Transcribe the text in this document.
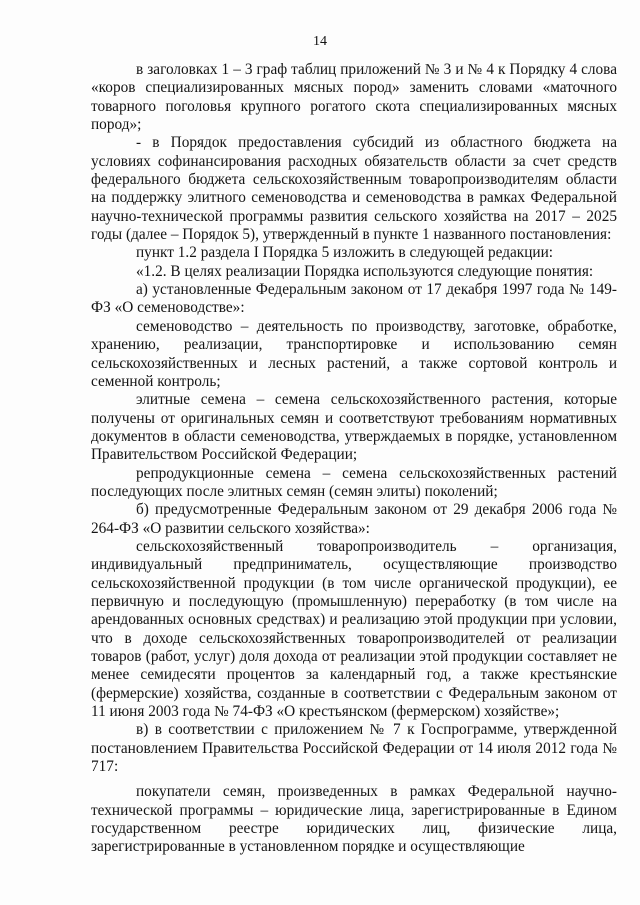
14

в заголовках 1 – 3 граф таблиц приложений № 3 и № 4 к Порядку 4 слова «коров специализированных мясных пород» заменить словами «маточного товарного поголовья крупного рогатого скота специализированных мясных пород»;

- в Порядок предоставления субсидий из областного бюджета на условиях софинансирования расходных обязательств области за счет средств федерального бюджета сельскохозяйственным товаропроизводителям области на поддержку элитного семеноводства и семеноводства в рамках Федеральной научно-технической программы развития сельского хозяйства на 2017 – 2025 годы (далее – Порядок 5), утвержденный в пункте 1 названного постановления:

пункт 1.2 раздела I Порядка 5 изложить в следующей редакции:

«1.2. В целях реализации Порядка используются следующие понятия:

а) установленные Федеральным законом от 17 декабря 1997 года № 149-ФЗ «О семеноводстве»:

семеноводство – деятельность по производству, заготовке, обработке, хранению, реализации, транспортировке и использованию семян сельскохозяйственных и лесных растений, а также сортовой контроль и семенной контроль;

элитные семена – семена сельскохозяйственного растения, которые получены от оригинальных семян и соответствуют требованиям нормативных документов в области семеноводства, утверждаемых в порядке, установленном Правительством Российской Федерации;

репродукционные семена – семена сельскохозяйственных растений последующих после элитных семян (семян элиты) поколений;

б) предусмотренные Федеральным законом от 29 декабря 2006 года № 264-ФЗ «О развитии сельского хозяйства»:

сельскохозяйственный товаропроизводитель – организация, индивидуальный предприниматель, осуществляющие производство сельскохозяйственной продукции (в том числе органической продукции), ее первичную и последующую (промышленную) переработку (в том числе на арендованных основных средствах) и реализацию этой продукции при условии, что в доходе сельскохозяйственных товаропроизводителей от реализации товаров (работ, услуг) доля дохода от реализации этой продукции составляет не менее семидесяти процентов за календарный год, а также крестьянские (фермерские) хозяйства, созданные в соответствии с Федеральным законом от 11 июня 2003 года № 74-ФЗ «О крестьянском (фермерском) хозяйстве»;

в) в соответствии с приложением № 7 к Госпрограмме, утвержденной постановлением Правительства Российской Федерации от 14 июля 2012 года № 717:

покупатели семян, произведенных в рамках Федеральной научно-технической программы – юридические лица, зарегистрированные в Едином государственном реестре юридических лиц, физические лица, зарегистрированные в установленном порядке и осуществляющие
